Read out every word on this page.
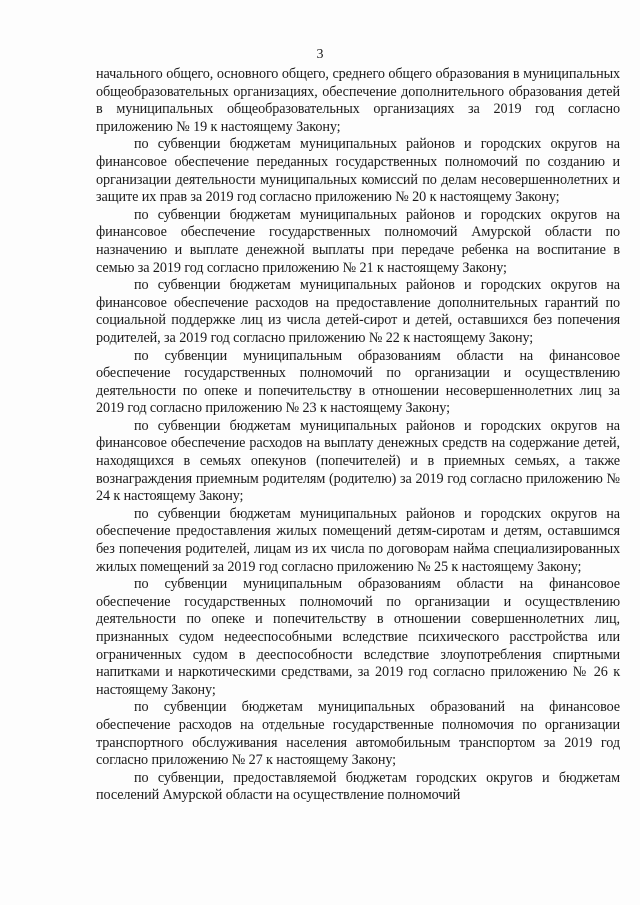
3

начального общего, основного общего, среднего общего образования в муниципальных общеобразовательных организациях, обеспечение дополнительного образования детей в муниципальных общеобразовательных организациях за 2019 год согласно приложению № 19 к настоящему Закону;

по субвенции бюджетам муниципальных районов и городских округов на финансовое обеспечение переданных государственных полномочий по созданию и организации деятельности муниципальных комиссий по делам несовершеннолетних и защите их прав за 2019 год согласно приложению № 20 к настоящему Закону;

по субвенции бюджетам муниципальных районов и городских округов на финансовое обеспечение государственных полномочий Амурской области по назначению и выплате денежной выплаты при передаче ребенка на воспитание в семью за 2019 год согласно приложению № 21 к настоящему Закону;

по субвенции бюджетам муниципальных районов и городских округов на финансовое обеспечение расходов на предоставление дополнительных гарантий по социальной поддержке лиц из числа детей-сирот и детей, оставшихся без попечения родителей, за 2019 год согласно приложению № 22 к настоящему Закону;

по субвенции муниципальным образованиям области на финансовое обеспечение государственных полномочий по организации и осуществлению деятельности по опеке и попечительству в отношении несовершеннолетних лиц за 2019 год согласно приложению № 23 к настоящему Закону;

по субвенции бюджетам муниципальных районов и городских округов на финансовое обеспечение расходов на выплату денежных средств на содержание детей, находящихся в семьях опекунов (попечителей) и в приемных семьях, а также вознаграждения приемным родителям (родителю) за 2019 год согласно приложению № 24 к настоящему Закону;

по субвенции бюджетам муниципальных районов и городских округов на обеспечение предоставления жилых помещений детям-сиротам и детям, оставшимся без попечения родителей, лицам из их числа по договорам найма специализированных жилых помещений за 2019 год согласно приложению № 25 к настоящему Закону;

по субвенции муниципальным образованиям области на финансовое обеспечение государственных полномочий по организации и осуществлению деятельности по опеке и попечительству в отношении совершеннолетних лиц, признанных судом недееспособными вследствие психического расстройства или ограниченных судом в дееспособности вследствие злоупотребления спиртными напитками и наркотическими средствами, за 2019 год согласно приложению № 26 к настоящему Закону;

по субвенции бюджетам муниципальных образований на финансовое обеспечение расходов на отдельные государственные полномочия по организации транспортного обслуживания населения автомобильным транспортом за 2019 год согласно приложению № 27 к настоящему Закону;

по субвенции, предоставляемой бюджетам городских округов и бюджетам поселений Амурской области на осуществление полномочий
